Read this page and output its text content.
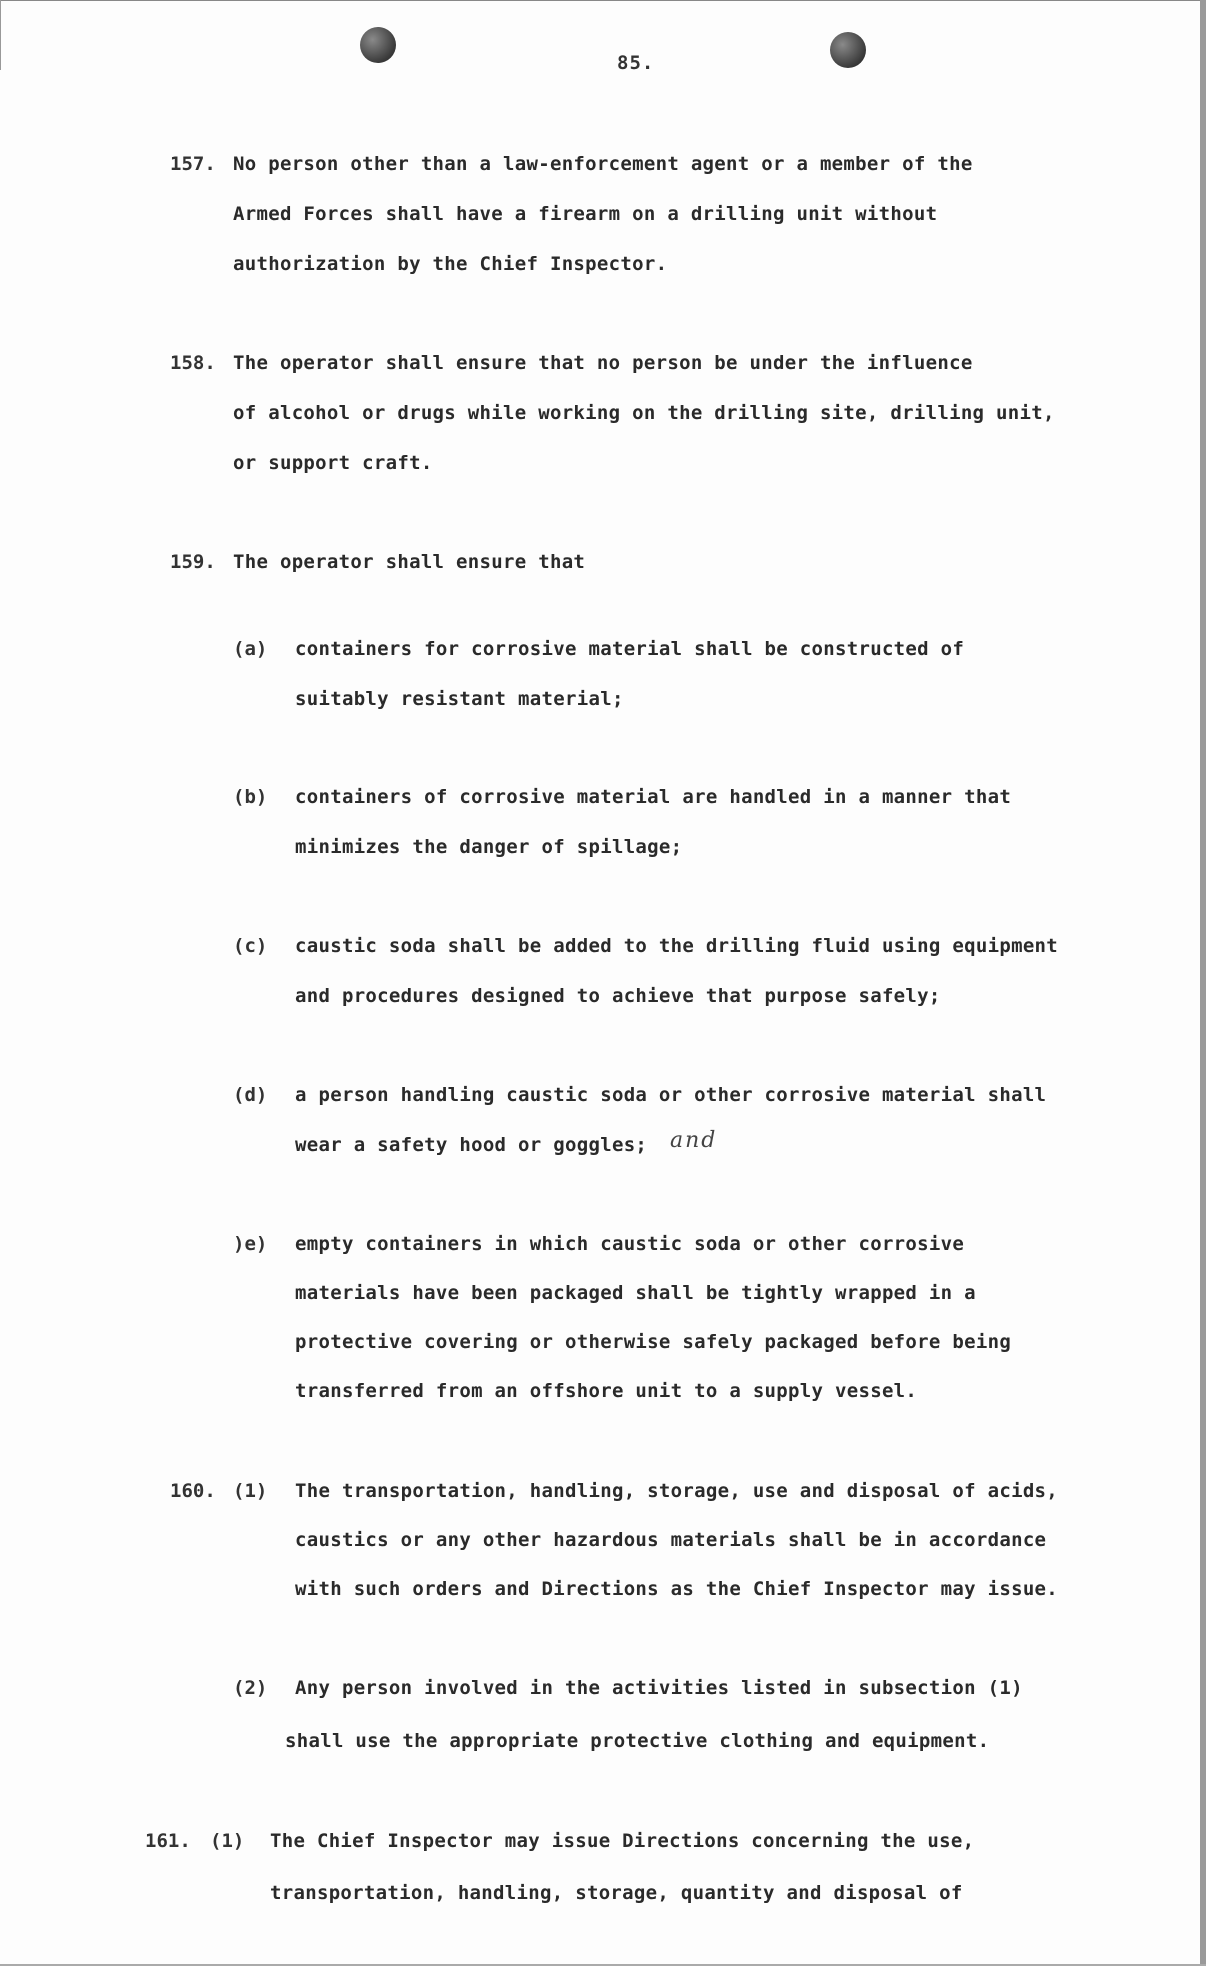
85.
157. No person other than a law-enforcement agent or a member of the
Armed Forces shall have a firearm on a drilling unit without
authorization by the Chief Inspector.
158. The operator shall ensure that no person be under the influence
of alcohol or drugs while working on the drilling site, drilling unit,
or support craft.
159. The operator shall ensure that
(a) containers for corrosive material shall be constructed of
suitably resistant material;
(b) containers of corrosive material are handled in a manner that
minimizes the danger of spillage;
(c) caustic soda shall be added to the drilling fluid using equipment
and procedures designed to achieve that purpose safely;
(d) a person handling caustic soda or other corrosive material shall
wear a safety hood or goggles; and
)e) empty containers in which caustic soda or other corrosive
materials have been packaged shall be tightly wrapped in a
protective covering or otherwise safely packaged before being
transferred from an offshore unit to a supply vessel.
160. (1) The transportation, handling, storage, use and disposal of acids,
caustics or any other hazardous materials shall be in accordance
with such orders and Directions as the Chief Inspector may issue.
(2) Any person involved in the activities listed in subsection (1)
shall use the appropriate protective clothing and equipment.
161. (1) The Chief Inspector may issue Directions concerning the use,
transportation, handling, storage, quantity and disposal of
